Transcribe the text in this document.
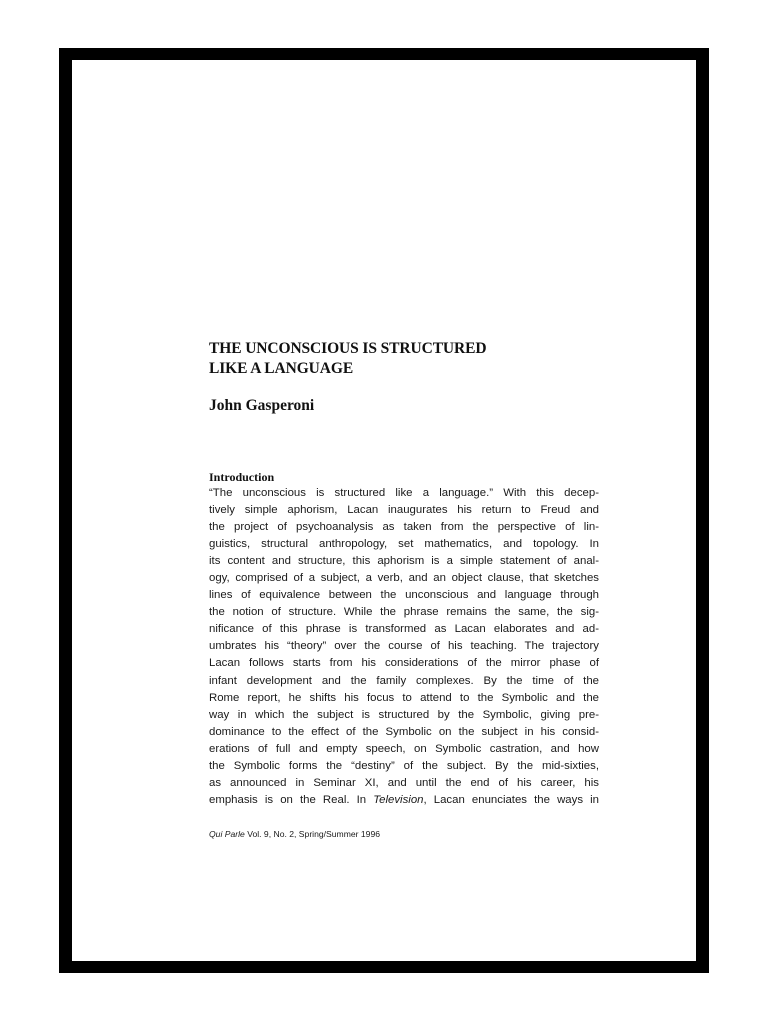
THE UNCONSCIOUS IS STRUCTURED
LIKE A LANGUAGE
John Gasperoni
Introduction
“The unconscious is structured like a language.” With this decep-
tively simple aphorism, Lacan inaugurates his return to Freud and
the project of psychoanalysis as taken from the perspective of lin-
guistics, structural anthropology, set mathematics, and topology. In
its content and structure, this aphorism is a simple statement of anal-
ogy, comprised of a subject, a verb, and an object clause, that sketches
lines of equivalence between the unconscious and language through
the notion of structure. While the phrase remains the same, the sig-
nificance of this phrase is transformed as Lacan elaborates and ad-
umbrates his “theory” over the course of his teaching. The trajectory
Lacan follows starts from his considerations of the mirror phase of
infant development and the family complexes. By the time of the
Rome report, he shifts his focus to attend to the Symbolic and the
way in which the subject is structured by the Symbolic, giving pre-
dominance to the effect of the Symbolic on the subject in his consid-
erations of full and empty speech, on Symbolic castration, and how
the Symbolic forms the “destiny” of the subject. By the mid-sixties,
as announced in Seminar XI, and until the end of his career, his
emphasis is on the Real. In Television, Lacan enunciates the ways in

Qui Parle Vol. 9, No. 2, Spring/Summer 1996
